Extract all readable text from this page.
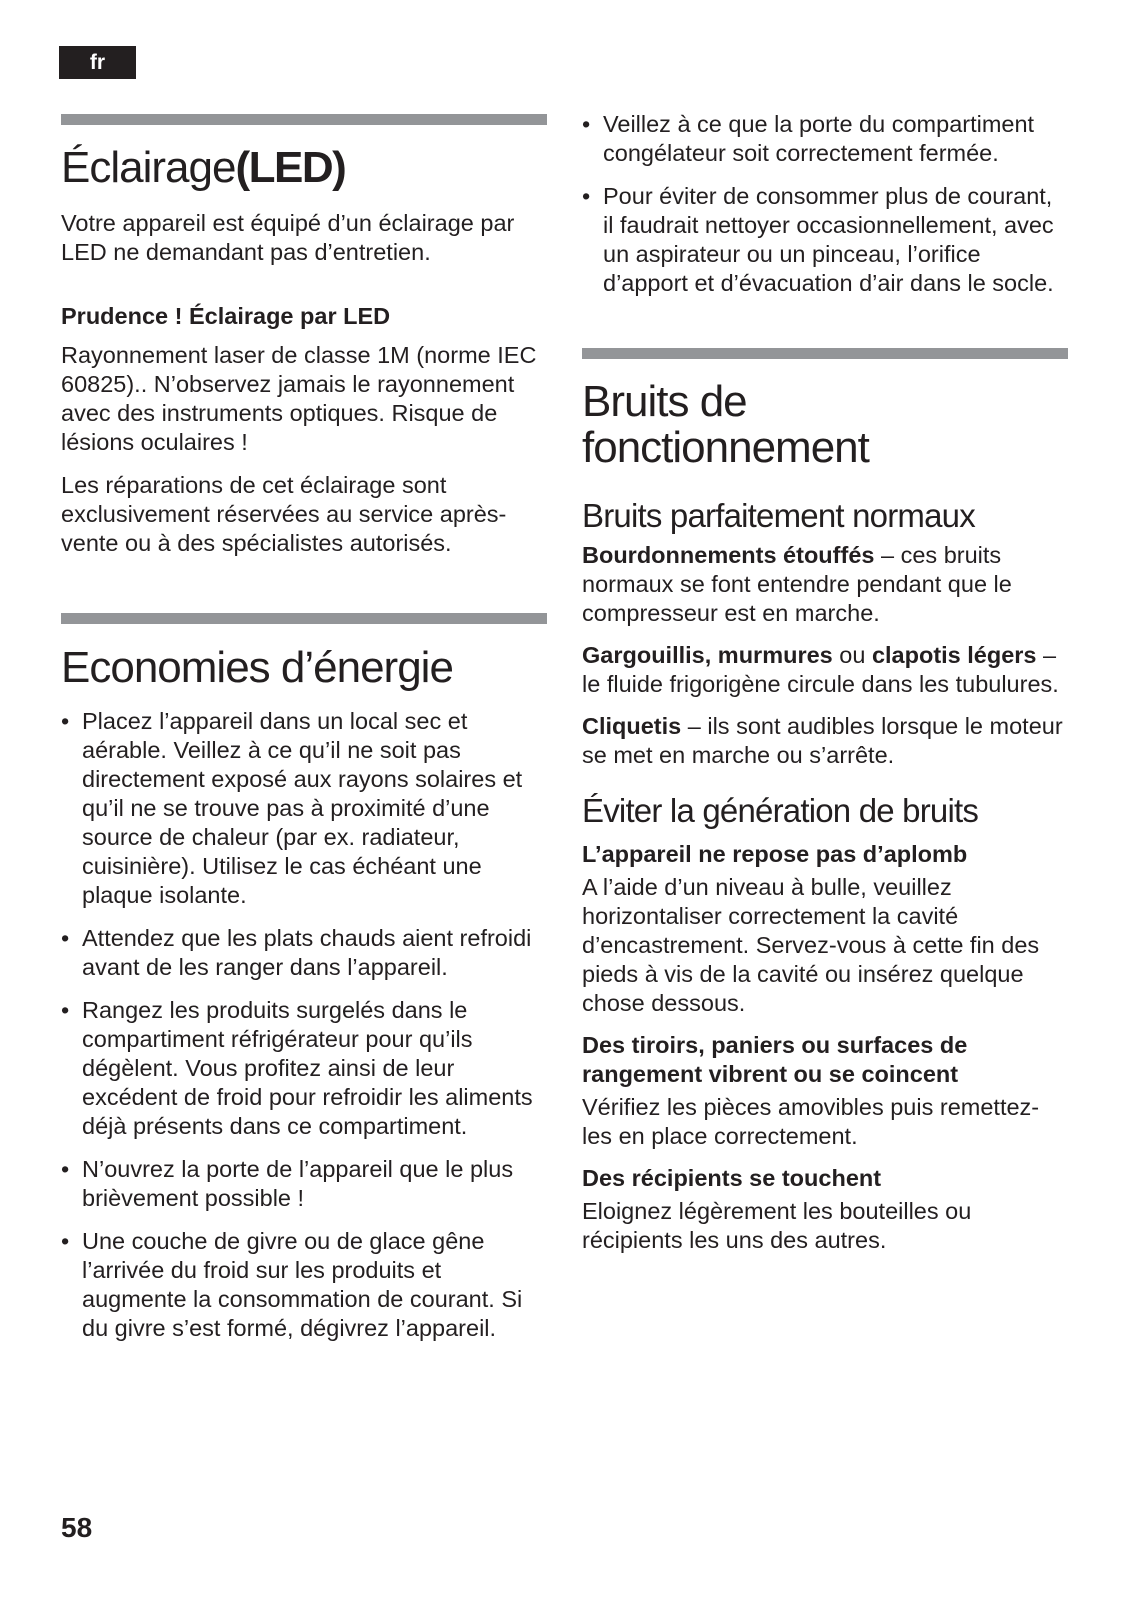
fr
Éclairage(LED)

Votre appareil est équipé d’un éclairage par LED ne demandant pas d’entretien.

Prudence ! Éclairage par LED

Rayonnement laser de classe 1M (norme IEC 60825).. N’observez jamais le rayonnement avec des instruments optiques. Risque de lésions oculaires !

Les réparations de cet éclairage sont exclusivement réservées au service après-vente ou à des spécialistes autorisés.

Economies d’énergie
• Placez l’appareil dans un local sec et aérable. Veillez à ce qu’il ne soit pas directement exposé aux rayons solaires et qu’il ne se trouve pas à proximité d’une source de chaleur (par ex. radiateur, cuisinière). Utilisez le cas échéant une plaque isolante.
• Attendez que les plats chauds aient refroidi avant de les ranger dans l’appareil.
• Rangez les produits surgelés dans le compartiment réfrigérateur pour qu’ils dégèlent. Vous profitez ainsi de leur excédent de froid pour refroidir les aliments déjà présents dans ce compartiment.
• N’ouvrez la porte de l’appareil que le plus brièvement possible !
• Une couche de givre ou de glace gêne l’arrivée du froid sur les produits et augmente la consommation de courant. Si du givre s’est formé, dégivrez l’appareil.
• Veillez à ce que la porte du compartiment congélateur soit correctement fermée.
• Pour éviter de consommer plus de courant, il faudrait nettoyer occasionnellement, avec un aspirateur ou un pinceau, l’orifice d’apport et d’évacuation d’air dans le socle.
Bruits de
fonctionnement
Bruits parfaitement normaux

Bourdonnements étouffés – ces bruits normaux se font entendre pendant que le compresseur est en marche.

Gargouillis, murmures ou clapotis légers – le fluide frigorigène circule dans les tubulures.

Cliquetis – ils sont audibles lorsque le moteur se met en marche ou s’arrête.

Éviter la génération de bruits

L’appareil ne repose pas d’aplomb

A l’aide d’un niveau à bulle, veuillez horizontaliser correctement la cavité d’encastrement. Servez-vous à cette fin des pieds à vis de la cavité ou insérez quelque chose dessous.

Des tiroirs, paniers ou surfaces de rangement vibrent ou se coincent

Vérifiez les pièces amovibles puis remettez-les en place correctement.

Des récipients se touchent

Eloignez légèrement les bouteilles ou récipients les uns des autres.

58
